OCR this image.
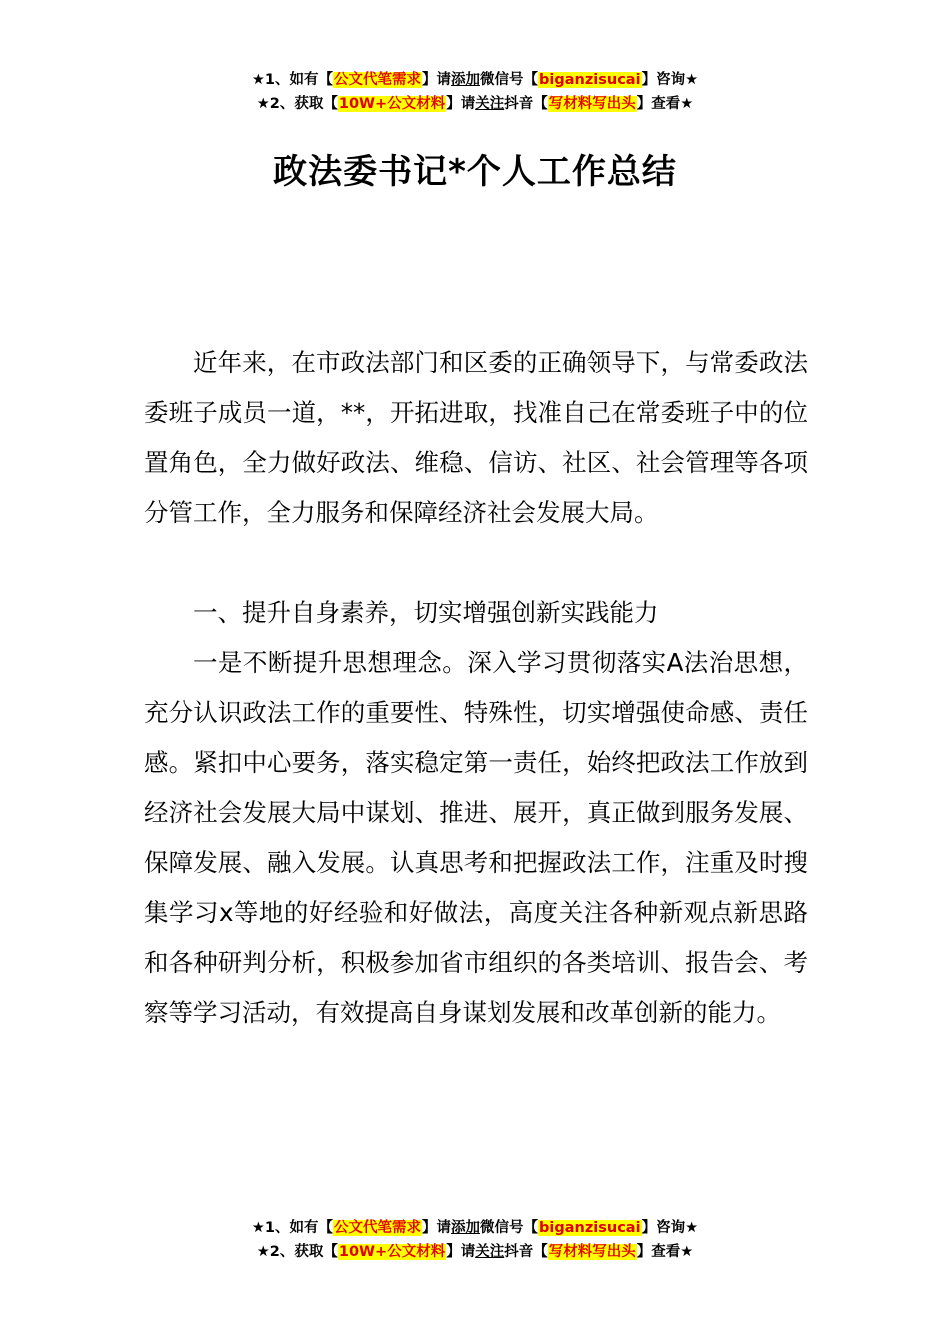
★1、如有【公文代笔需求】请添加微信号【biganzisucai】咨询★
★2、获取【10W+公文材料】请关注抖音【写材料写出头】查看★
政法委书记*个人工作总结

近年来，在市政法部门和区委的正确领导下，与常委政法委班子成员一道，**，开拓进取，找准自己在常委班子中的位置角色，全力做好政法、维稳、信访、社区、社会管理等各项分管工作，全力服务和保障经济社会发展大局。

一、提升自身素养，切实增强创新实践能力

一是不断提升思想理念。深入学习贯彻落实A法治思想，充分认识政法工作的重要性、特殊性，切实增强使命感、责任感。紧扣中心要务，落实稳定第一责任，始终把政法工作放到经济社会发展大局中谋划、推进、展开，真正做到服务发展、保障发展、融入发展。认真思考和把握政法工作，注重及时搜集学习x等地的好经验和好做法，高度关注各种新观点新思路和各种研判分析，积极参加省市组织的各类培训、报告会、考察等学习活动，有效提高自身谋划发展和改革创新的能力。

★1、如有【公文代笔需求】请添加微信号【biganzisucai】咨询★
★2、获取【10W+公文材料】请关注抖音【写材料写出头】查看★
